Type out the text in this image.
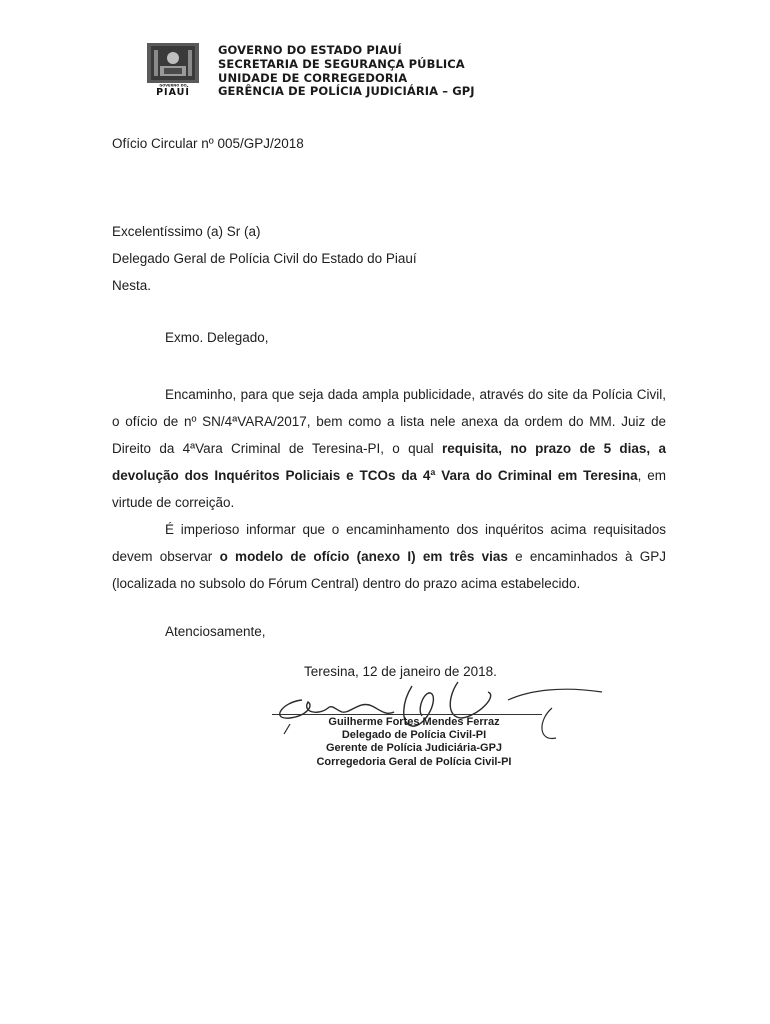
GOVERNO DO
PIAUÍ
GOVERNO DO ESTADO PIAUÍ
SECRETARIA DE SEGURANÇA PÚBLICA
UNIDADE DE CORREGEDORIA
GERÊNCIA DE POLÍCIA JUDICIÁRIA – GPJ
Ofício Circular nº 005/GPJ/2018
Excelentíssimo (a) Sr (a)
Delegado Geral de Polícia Civil do Estado do Piauí
Nesta.
Exmo. Delegado,

Encaminho, para que seja dada ampla publicidade, através do site da Polícia Civil, o ofício de nº SN/4ªVARA/2017, bem como a lista nele anexa da ordem do MM. Juiz de Direito da 4ªVara Criminal de Teresina-PI, o qual requisita, no prazo de 5 dias, a devolução dos Inquéritos Policiais e TCOs da 4ª Vara do Criminal em Teresina, em virtude de correição.

É imperioso informar que o encaminhamento dos inquéritos acima requisitados devem observar o modelo de ofício (anexo I) em três vias e encaminhados à GPJ (localizada no subsolo do Fórum Central) dentro do prazo acima estabelecido.

Atenciosamente,
Teresina, 12 de janeiro de 2018.
Guilherme Fortes Mendes Ferraz
Delegado de Polícia Civil-PI
Gerente de Polícia Judiciária-GPJ
Corregedoria Geral de Polícia Civil-PI
